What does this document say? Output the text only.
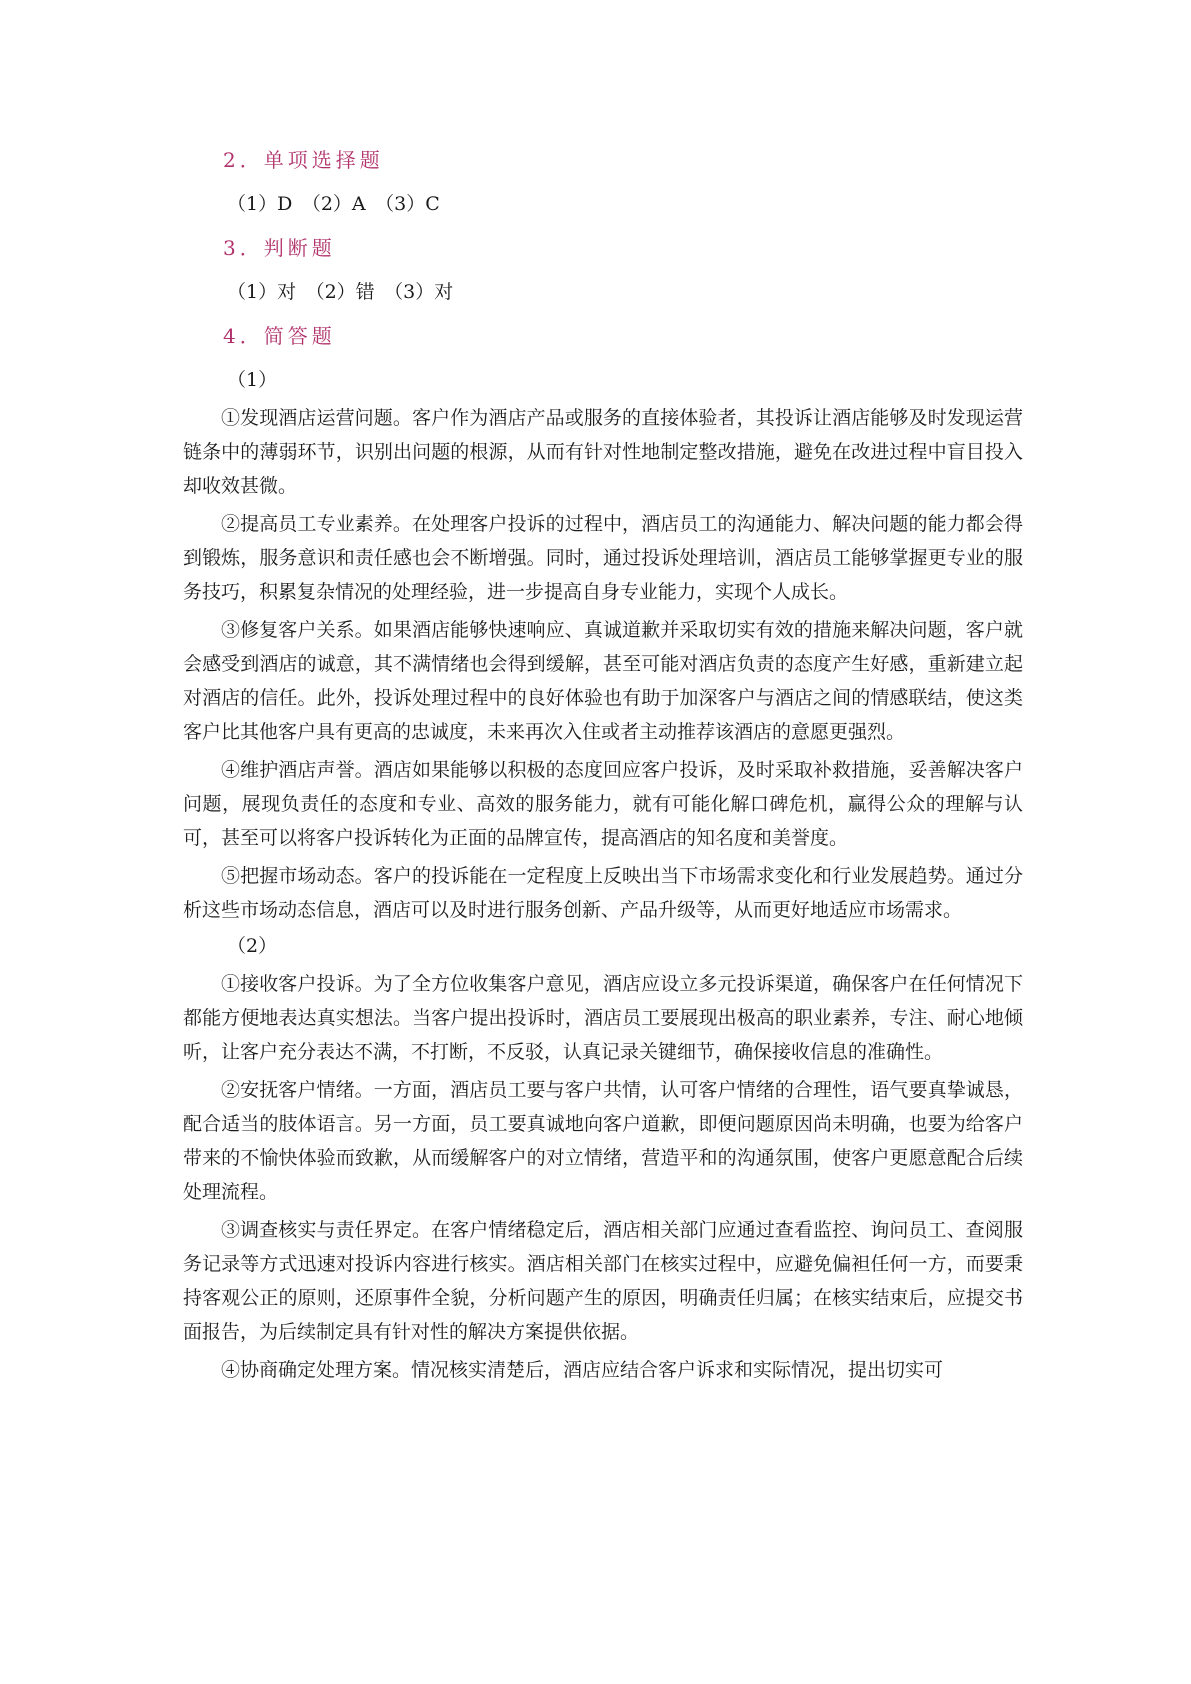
2．单项选择题
（1）D　（2）A　（3）C
3．判断题
（1）对　（2）错　（3）对
4．简答题
（1）

①发现酒店运营问题。客户作为酒店产品或服务的直接体验者，其投诉让酒店能够及时发现运营链条中的薄弱环节，识别出问题的根源，从而有针对性地制定整改措施，避免在改进过程中盲目投入却收效甚微。

②提高员工专业素养。在处理客户投诉的过程中，酒店员工的沟通能力、解决问题的能力都会得到锻炼，服务意识和责任感也会不断增强。同时，通过投诉处理培训，酒店员工能够掌握更专业的服务技巧，积累复杂情况的处理经验，进一步提高自身专业能力，实现个人成长。

③修复客户关系。如果酒店能够快速响应、真诚道歉并采取切实有效的措施来解决问题，客户就会感受到酒店的诚意，其不满情绪也会得到缓解，甚至可能对酒店负责的态度产生好感，重新建立起对酒店的信任。此外，投诉处理过程中的良好体验也有助于加深客户与酒店之间的情感联结，使这类客户比其他客户具有更高的忠诚度，未来再次入住或者主动推荐该酒店的意愿更强烈。

④维护酒店声誉。酒店如果能够以积极的态度回应客户投诉，及时采取补救措施，妥善解决客户问题，展现负责任的态度和专业、高效的服务能力，就有可能化解口碑危机，赢得公众的理解与认可，甚至可以将客户投诉转化为正面的品牌宣传，提高酒店的知名度和美誉度。

⑤把握市场动态。客户的投诉能在一定程度上反映出当下市场需求变化和行业发展趋势。通过分析这些市场动态信息，酒店可以及时进行服务创新、产品升级等，从而更好地适应市场需求。

（2）

①接收客户投诉。为了全方位收集客户意见，酒店应设立多元投诉渠道，确保客户在任何情况下都能方便地表达真实想法。当客户提出投诉时，酒店员工要展现出极高的职业素养，专注、耐心地倾听，让客户充分表达不满，不打断，不反驳，认真记录关键细节，确保接收信息的准确性。

②安抚客户情绪。一方面，酒店员工要与客户共情，认可客户情绪的合理性，语气要真挚诚恳，配合适当的肢体语言。另一方面，员工要真诚地向客户道歉，即便问题原因尚未明确，也要为给客户带来的不愉快体验而致歉，从而缓解客户的对立情绪，营造平和的沟通氛围，使客户更愿意配合后续处理流程。

③调查核实与责任界定。在客户情绪稳定后，酒店相关部门应通过查看监控、询问员工、查阅服务记录等方式迅速对投诉内容进行核实。酒店相关部门在核实过程中，应避免偏袒任何一方，而要秉持客观公正的原则，还原事件全貌，分析问题产生的原因，明确责任归属；在核实结束后，应提交书面报告，为后续制定具有针对性的解决方案提供依据。

④协商确定处理方案。情况核实清楚后，酒店应结合客户诉求和实际情况，提出切实可
